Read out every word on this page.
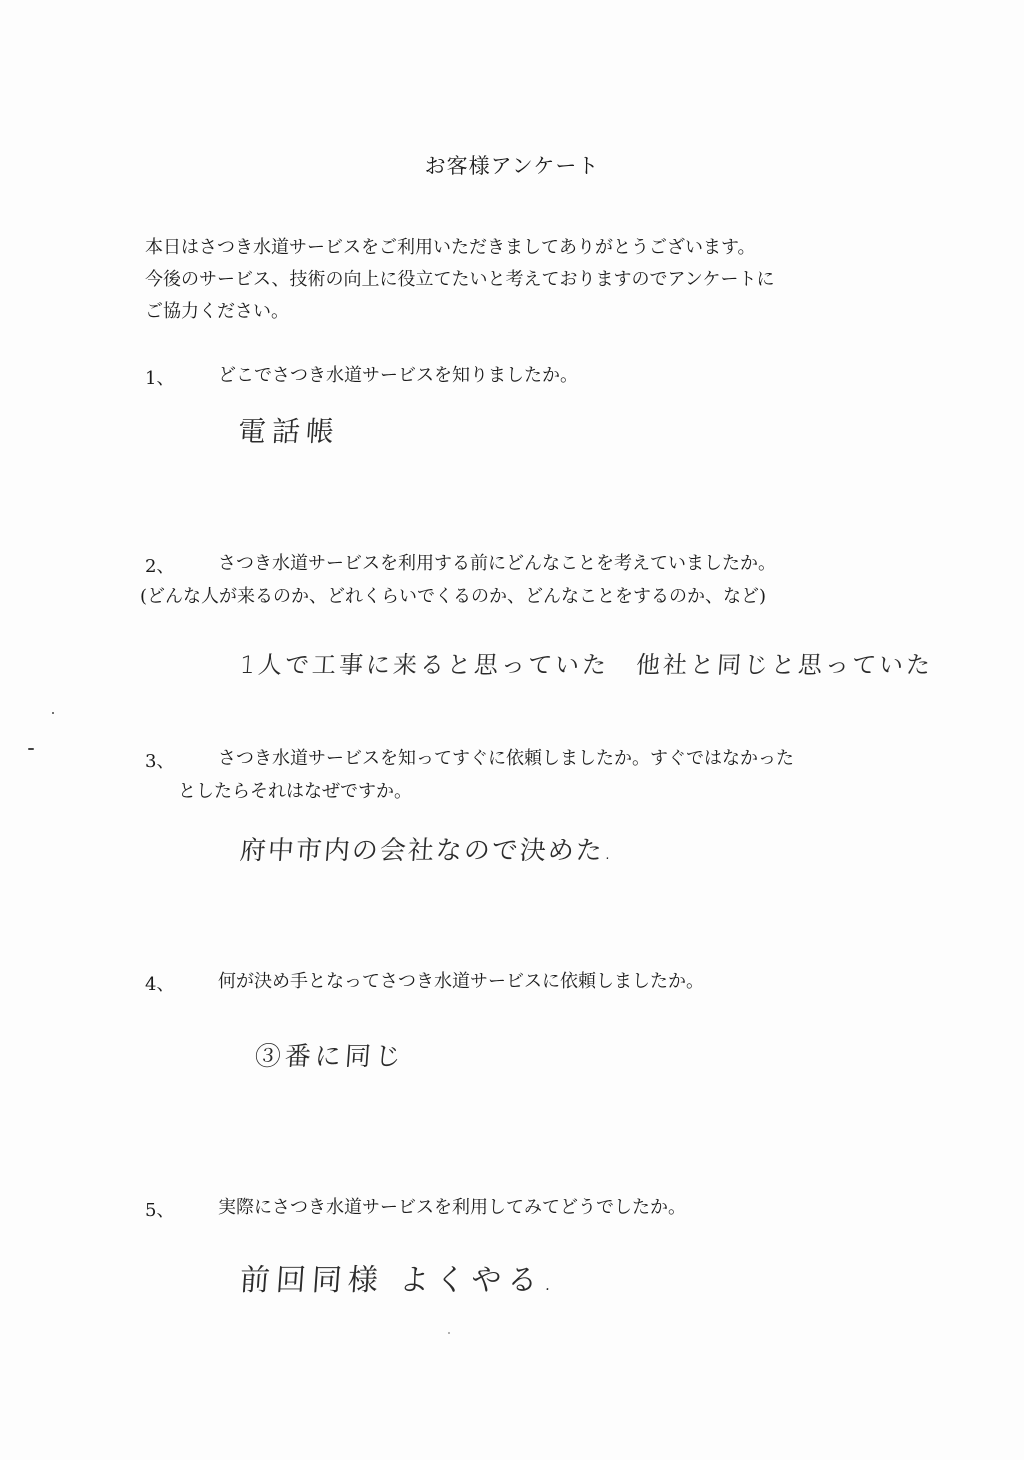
お客様アンケート
本日はさつき水道サービスをご利用いただきましてありがとうございます。
今後のサービス、技術の向上に役立てたいと考えておりますのでアンケートに
ご協力ください。
1、 どこでさつき水道サービスを知りましたか。
電話帳
2、 さつき水道サービスを利用する前にどんなことを考えていましたか。
(どんな人が来るのか、どれくらいでくるのか、どんなことをするのか、など)
1人で工事に来ると思っていた　他社と同じと思っていた
3、 さつき水道サービスを知ってすぐに依頼しましたか。すぐではなかった
としたらそれはなぜですか。
府中市内の会社なので決めた.
4、 何が決め手となってさつき水道サービスに依頼しましたか。
③番に同じ
5、 実際にさつき水道サービスを利用してみてどうでしたか。
前回同様 よくやる.
